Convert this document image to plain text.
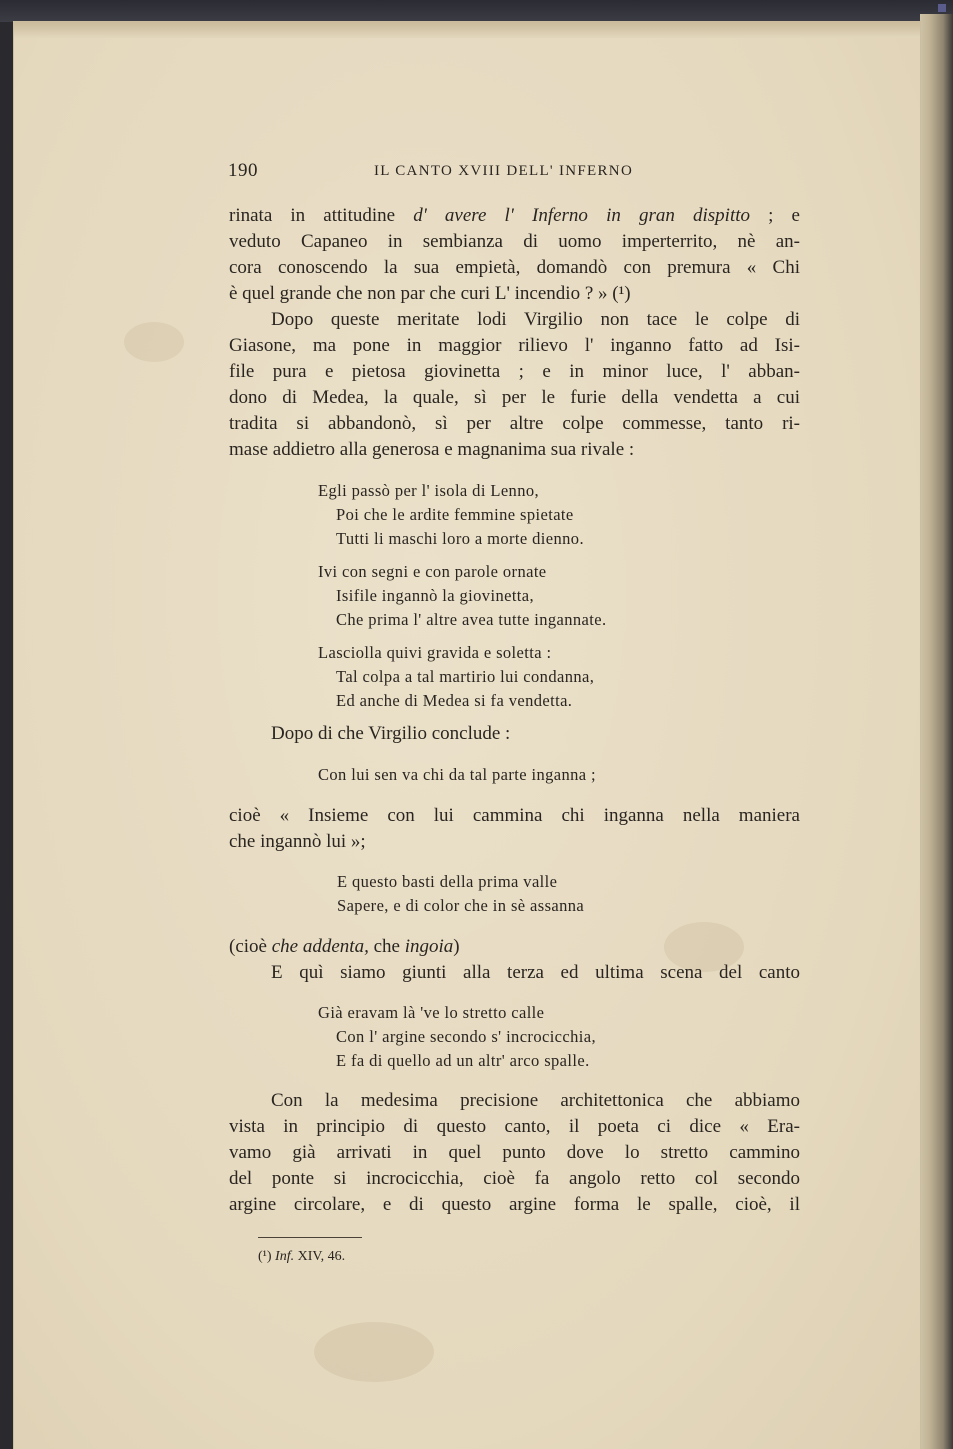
190	IL CANTO XVIII DELL' INFERNO
rinata in attitudine d' avere l' Inferno in gran dispitto ; e
veduto Capaneo in sembianza di uomo imperterrito, nè an-
cora conoscendo la sua empietà, domandò con premura « Chi
è quel grande che non par che curi L' incendio ? » (¹)
Dopo queste meritate lodi Virgilio non tace le colpe di
Giasone, ma pone in maggior rilievo l' inganno fatto ad Isi-
file pura e pietosa giovinetta ; e in minor luce, l' abban-
dono di Medea, la quale, sì per le furie della vendetta a cui
tradita si abbandonò, sì per altre colpe commesse, tanto ri-
mase addietro alla generosa e magnanima sua rivale :
Egli passò per l' isola di Lenno,
Poi che le ardite femmine spietate
Tutti li maschi loro a morte dienno.
Ivi con segni e con parole ornate
Isifile ingannò la giovinetta,
Che prima l' altre avea tutte ingannate.
Lasciolla quivi gravida e soletta :
Tal colpa a tal martirio lui condanna,
Ed anche di Medea si fa vendetta.
Dopo di che Virgilio conclude :
Con lui sen va chi da tal parte inganna ;
cioè « Insieme con lui cammina chi inganna nella maniera
che ingannò lui »;
E questo basti della prima valle
Sapere, e di color che in sè assanna
(cioè che addenta, che ingoia)
E quì siamo giunti alla terza ed ultima scena del canto
Già eravam là 've lo stretto calle
Con l' argine secondo s' incrocicchia,
E fa di quello ad un altr' arco spalle.
Con la medesima precisione architettonica che abbiamo
vista in principio di questo canto, il poeta ci dice « Era-
vamo già arrivati in quel punto dove lo stretto cammino
del ponte si incrocicchia, cioè fa angolo retto col secondo
argine circolare, e di questo argine forma le spalle, cioè, il
(¹) Inf. XIV, 46.
